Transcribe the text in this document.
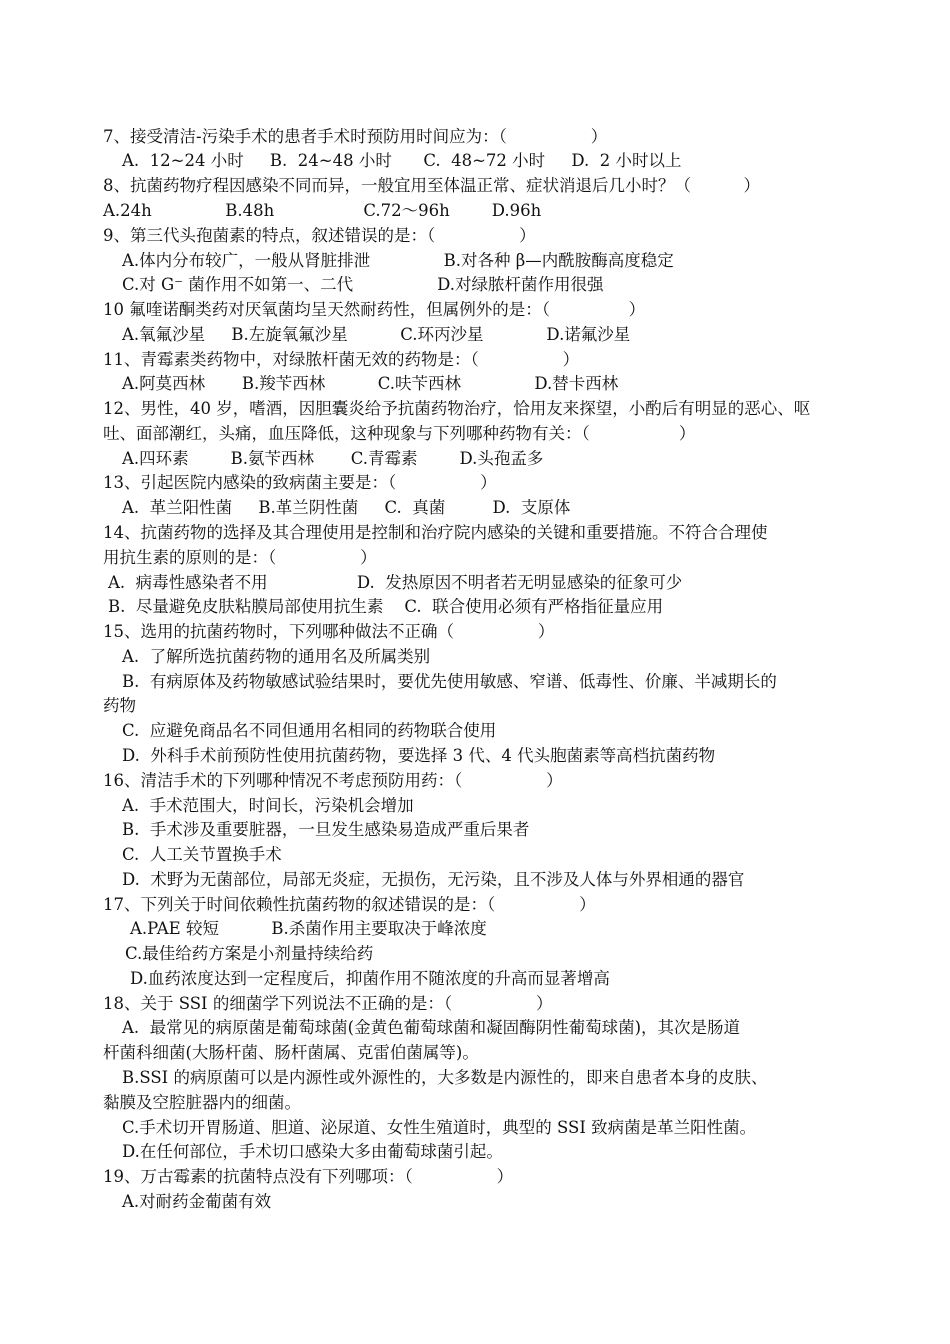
7、接受清洁-污染手术的患者手术时预防用时间应为：（                ）
A.  12~24 小时     B.  24~48 小时      C.  48~72 小时     D.  2 小时以上
8、抗菌药物疗程因感染不同而异，一般宜用至体温正常、症状消退后几小时？（          ）
A.24h              B.48h                 C.72～96h        D.96h
9、第三代头孢菌素的特点，叙述错误的是：（                ）
A.体内分布较广，一般从肾脏排泄              B.对各种 β—内酰胺酶高度稳定
C.对 G⁻ 菌作用不如第一、二代                D.对绿脓杆菌作用很强
10 氟喹诺酮类药对厌氧菌均呈天然耐药性，但属例外的是：（               ）
A.氧氟沙星     B.左旋氧氟沙星          C.环丙沙星            D.诺氟沙星
11、青霉素类药物中，对绿脓杆菌无效的药物是：（                ）
A.阿莫西林       B.羧苄西林          C.呋苄西林              D.替卡西林
12、男性，40 岁，嗜酒，因胆囊炎给予抗菌药物治疗，恰用友来探望，小酌后有明显的恶心、呕
吐、面部潮红，头痛，血压降低，这种现象与下列哪种药物有关：（                 ）
A.四环素        B.氨苄西林       C.青霉素        D.头孢孟多
13、引起医院内感染的致病菌主要是：（                ）
A.  革兰阳性菌     B.革兰阴性菌     C.  真菌         D.  支原体
14、抗菌药物的选择及其合理使用是控制和治疗院内感染的关键和重要措施。不符合合理使
用抗生素的原则的是：（                ）
A.  病毒性感染者不用                 D.  发热原因不明者若无明显感染的征象可少
B.  尽量避免皮肤粘膜局部使用抗生素    C.  联合使用必须有严格指征量应用
15、选用的抗菌药物时，下列哪种做法不正确（                ）
A.  了解所选抗菌药物的通用名及所属类别
B.  有病原体及药物敏感试验结果时，要优先使用敏感、窄谱、低毒性、价廉、半减期长的
药物
C.  应避免商品名不同但通用名相同的药物联合使用
D.  外科手术前预防性使用抗菌药物，要选择 3 代、4 代头胞菌素等高档抗菌药物
16、清洁手术的下列哪种情况不考虑预防用药：（                ）
A.  手术范围大，时间长，污染机会增加
B.  手术涉及重要脏器，一旦发生感染易造成严重后果者
C.  人工关节置换手术
D.  术野为无菌部位，局部无炎症，无损伤，无污染，且不涉及人体与外界相通的器官
17、下列关于时间依赖性抗菌药物的叙述错误的是：（                ）
A.PAE 较短          B.杀菌作用主要取决于峰浓度
C.最佳给药方案是小剂量持续给药
D.血药浓度达到一定程度后，抑菌作用不随浓度的升高而显著增高
18、关于 SSI 的细菌学下列说法不正确的是：（                ）
A.  最常见的病原菌是葡萄球菌(金黄色葡萄球菌和凝固酶阴性葡萄球菌)，其次是肠道
杆菌科细菌(大肠杆菌、肠杆菌属、克雷伯菌属等)。
B.SSI 的病原菌可以是内源性或外源性的，大多数是内源性的，即来自患者本身的皮肤、
黏膜及空腔脏器内的细菌。
C.手术切开胃肠道、胆道、泌尿道、女性生殖道时，典型的 SSI 致病菌是革兰阳性菌。
D.在任何部位，手术切口感染大多由葡萄球菌引起。
19、万古霉素的抗菌特点没有下列哪项：（                ）
A.对耐药金葡菌有效
